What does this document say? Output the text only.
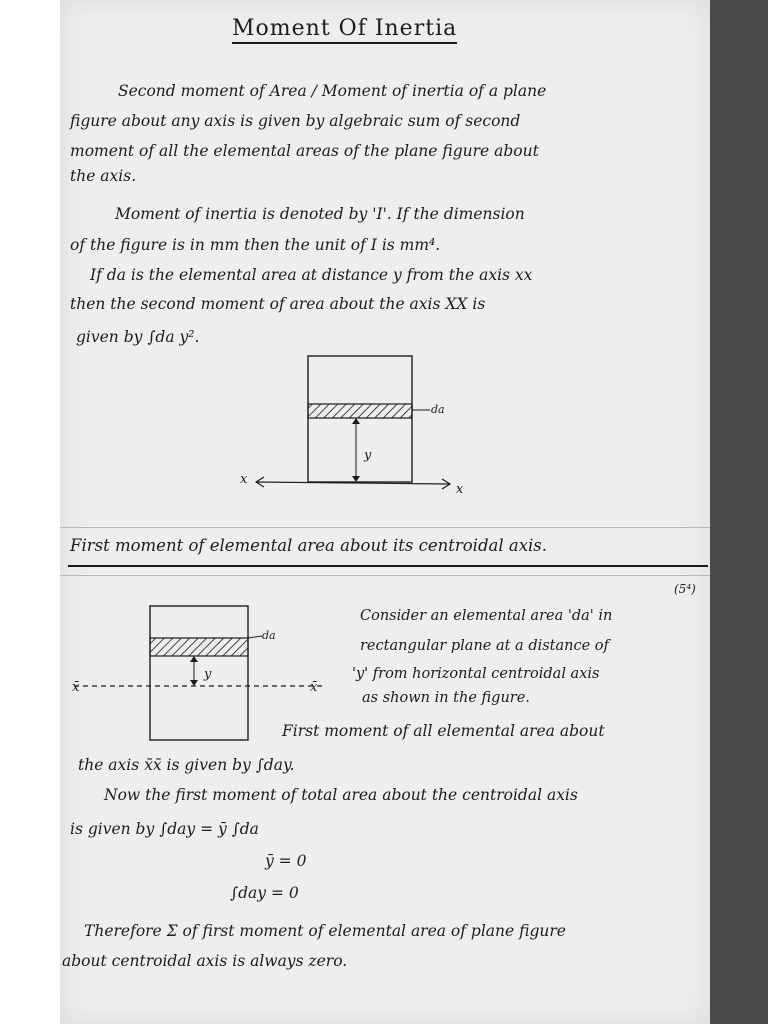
Moment Of Inertia
Second moment of Area / Moment of inertia of a plane
figure about any axis is given by algebraic sum of second
moment of all the elemental areas of the plane figure about
the axis.
Moment of inertia is denoted by 'I'. If the dimension
of the figure is in mm then the unit of I is mm⁴.
If da is the elemental area at distance y from the axis xx
then the second moment of area about the axis XX is
given by ∫da y².
da
y
x
x
First moment of elemental area about its centroidal axis.
(5⁴)
da
y
x̄	x̄
Consider an elemental area 'da' in
rectangular plane at a distance of
'y' from horizontal centroidal axis
as shown in the figure.
First moment of all elemental area about
the axis x̄x̄ is given by ∫day.
Now the first moment of total area about the centroidal axis
is given by ∫day = ȳ ∫da
ȳ = 0
∫day = 0
Therefore Σ of first moment of elemental area of plane figure
about centroidal axis is always zero.
